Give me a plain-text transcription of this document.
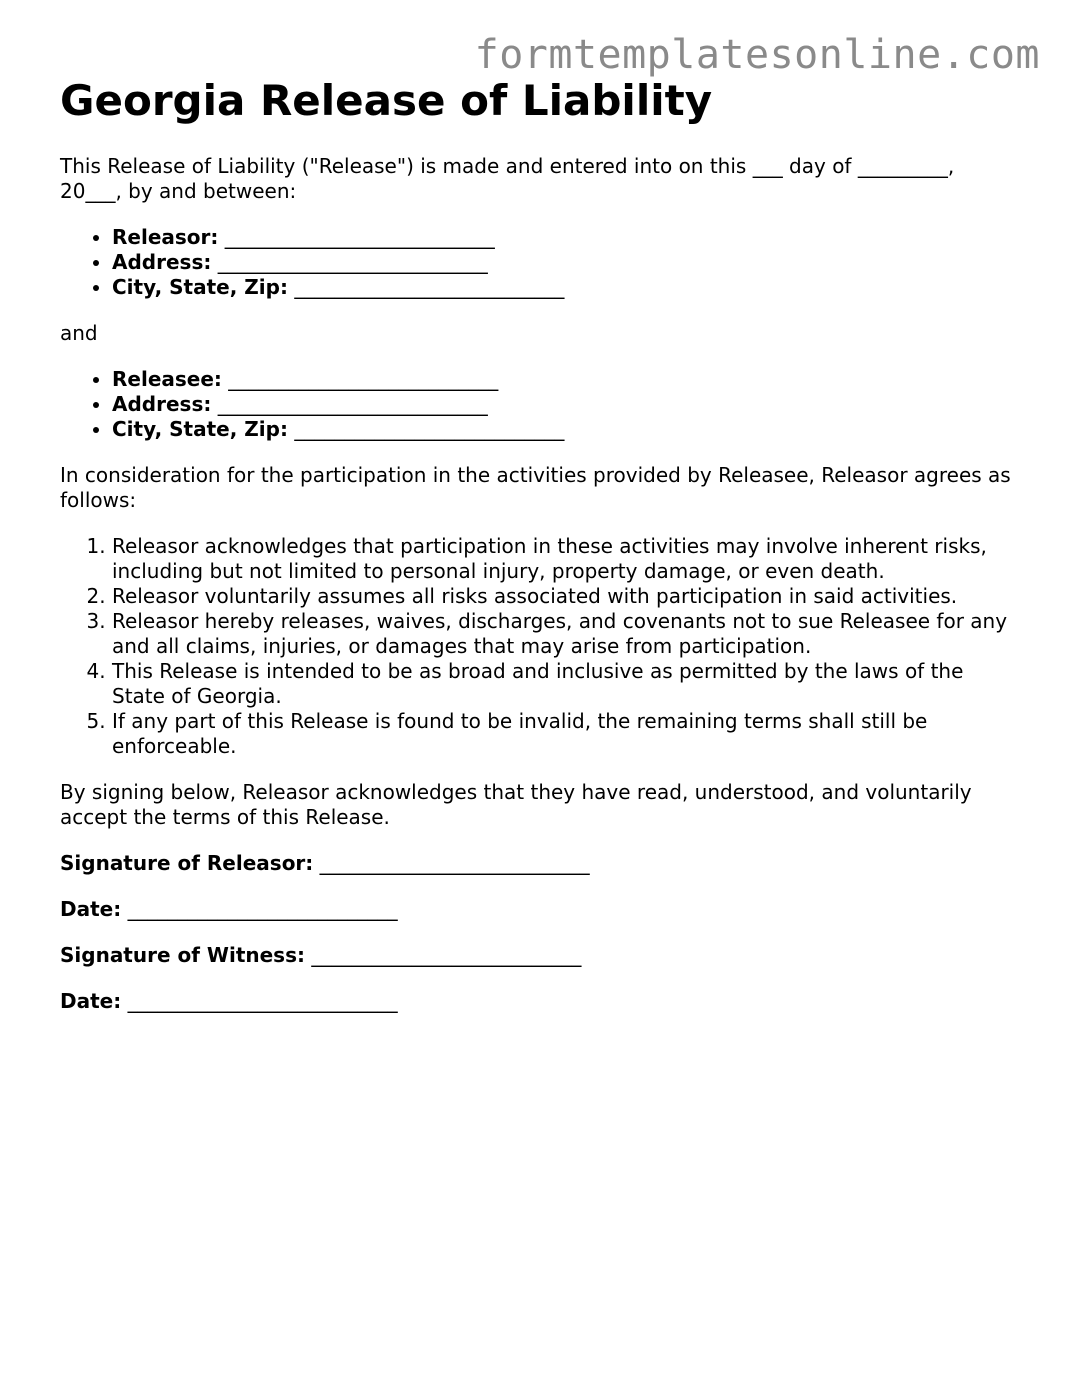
formtemplatesonline.com
Georgia Release of Liability

This Release of Liability ("Release") is made and entered into on this ___ day of _________, 20___, by and between:

• Releasor: ___________________________
• Address: ___________________________
• City, State, Zip: ___________________________

and

• Releasee: ___________________________
• Address: ___________________________
• City, State, Zip: ___________________________

In consideration for the participation in the activities provided by Releasee, Releasor agrees as follows:

1. Releasor acknowledges that participation in these activities may involve inherent risks, including but not limited to personal injury, property damage, or even death.
2. Releasor voluntarily assumes all risks associated with participation in said activities.
3. Releasor hereby releases, waives, discharges, and covenants not to sue Releasee for any and all claims, injuries, or damages that may arise from participation.
4. This Release is intended to be as broad and inclusive as permitted by the laws of the State of Georgia.
5. If any part of this Release is found to be invalid, the remaining terms shall still be enforceable.

By signing below, Releasor acknowledges that they have read, understood, and voluntarily accept the terms of this Release.

Signature of Releasor: ___________________________
Date: ___________________________
Signature of Witness: ___________________________
Date: ___________________________
